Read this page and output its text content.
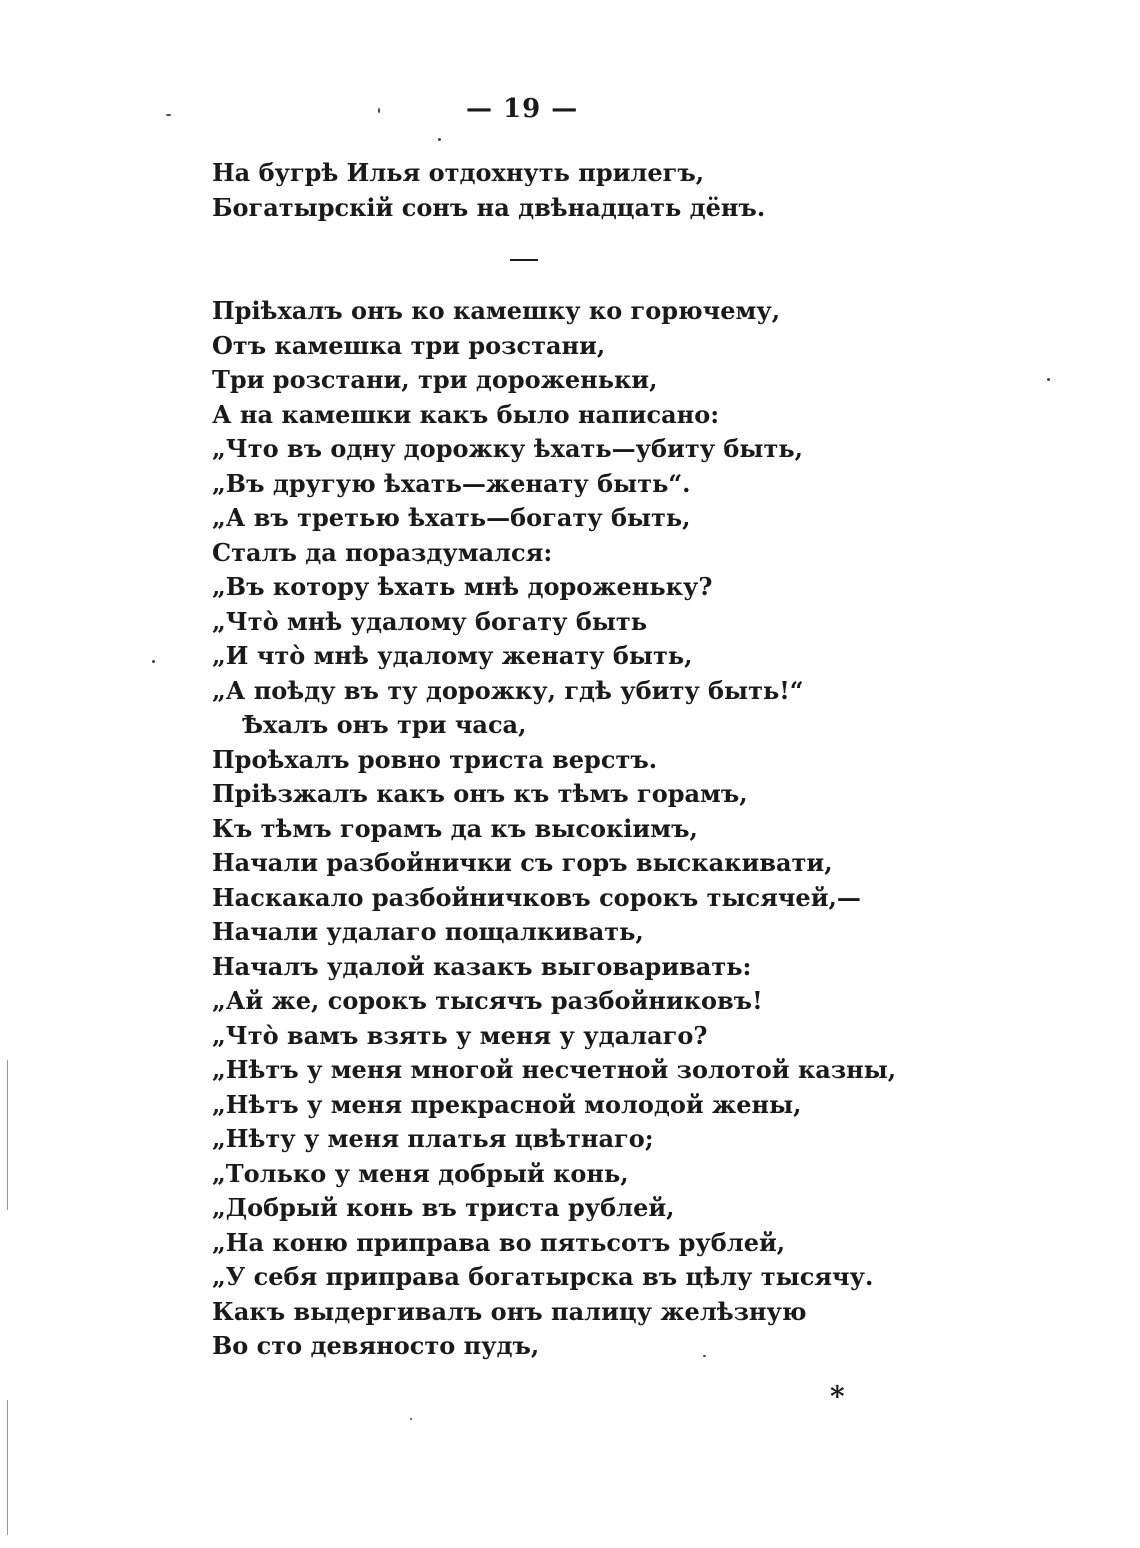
— 19 —
На бугрѣ Илья отдохнуть прилегъ,
Богатырскій сонъ на двѣнадцать дёнъ.
Пріѣхалъ онъ ко камешку ко горючему,
Отъ камешка три розстани,
Три розстани, три дороженьки,
А на камешки какъ было написано:
„Что въ одну дорожку ѣхать—убиту быть,
„Въ другую ѣхать—женату быть“.
„А въ третью ѣхать—богату быть,
Сталъ да пораздумался:
„Въ котору ѣхать мнѣ дороженьку?
„Что̀ мнѣ удалому богату быть
„И что̀ мнѣ удалому женату быть,
„А поѣду въ ту дорожку, гдѣ убиту быть!“
Ѣхалъ онъ три часа,
Проѣхалъ ровно триста верстъ.
Пріѣзжалъ какъ онъ къ тѣмъ горамъ,
Къ тѣмъ горамъ да къ высокіимъ,
Начали разбойнички съ горъ выскакивати,
Наскакало разбойничковъ сорокъ тысячей,—
Начали удалаго пощалкивать,
Началъ удалой казакъ выговаривать:
„Ай же, сорокъ тысячъ разбойниковъ!
„Что̀ вамъ взять у меня у удалаго?
„Нѣтъ у меня многой несчетной золотой казны,
„Нѣтъ у меня прекрасной молодой жены,
„Нѣту у меня платья цвѣтнаго;
„Только у меня добрый конь,
„Добрый конь въ триста рублей,
„На коню приправа во пятьсотъ рублей,
„У себя приправа богатырска въ цѣлу тысячу.
Какъ выдергивалъ онъ палицу желѣзную
Во сто девяносто пудъ,
*
